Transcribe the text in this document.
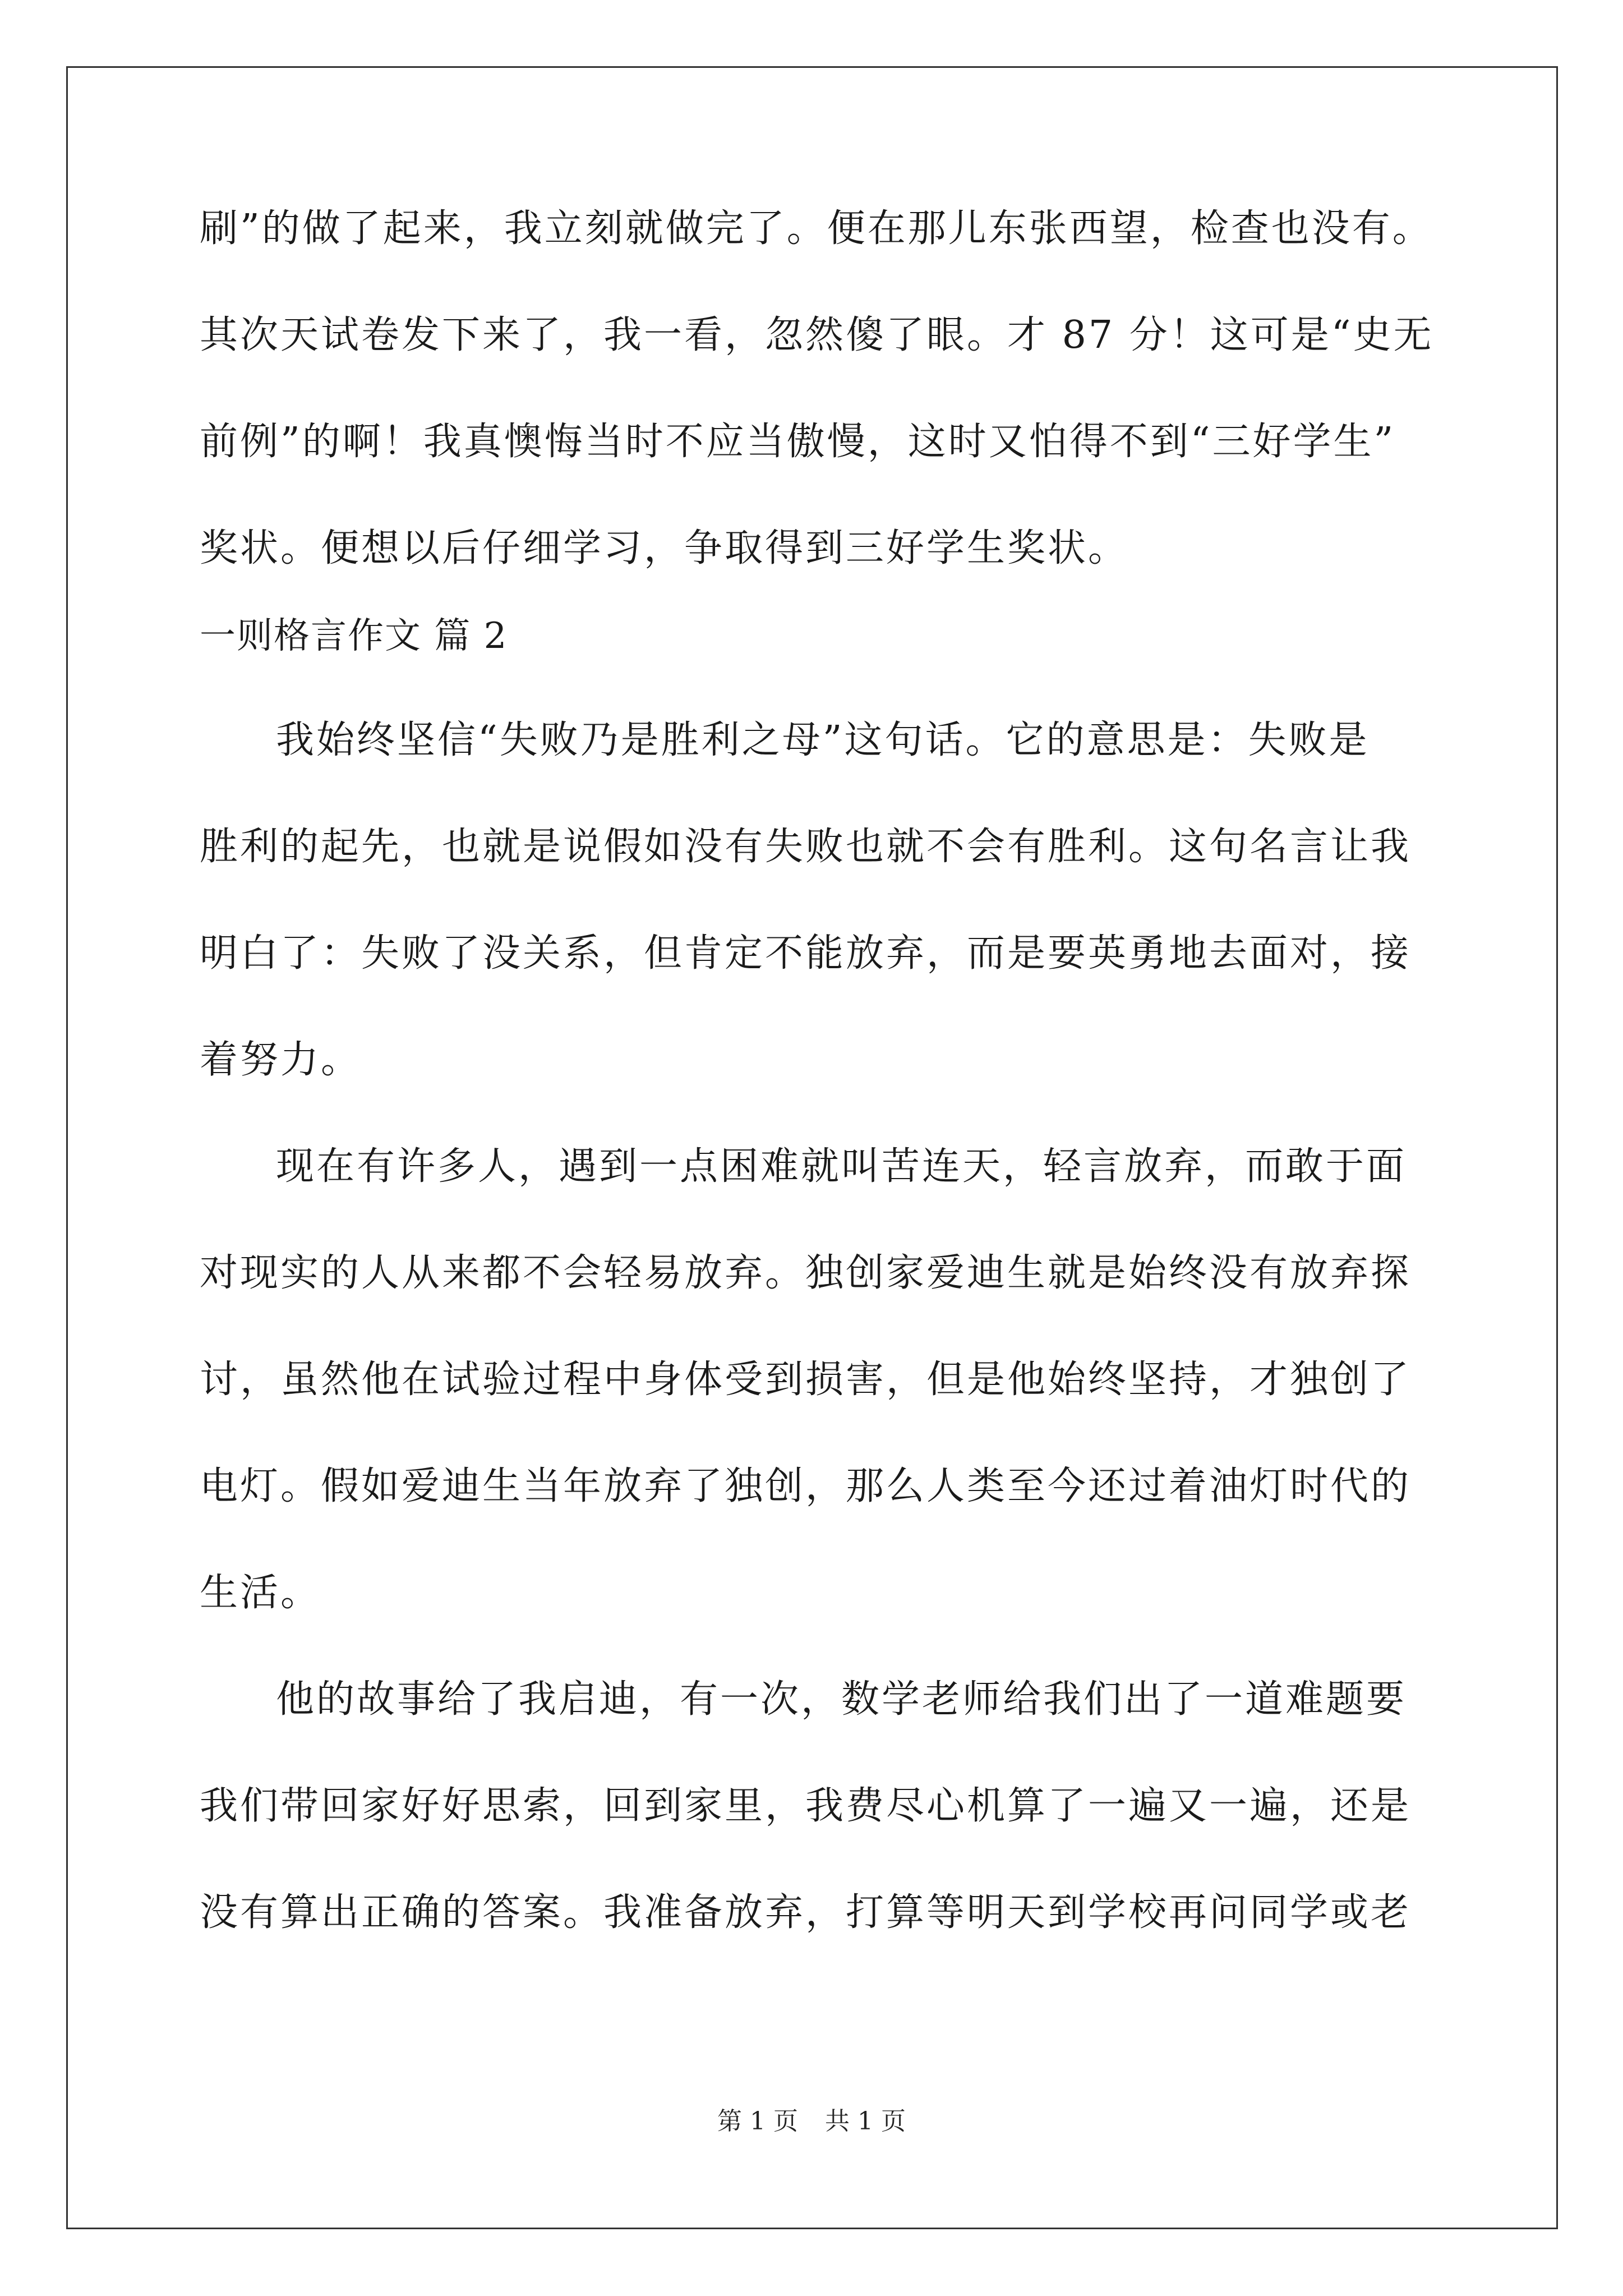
刷”的做了起来，我立刻就做完了。便在那儿东张西望，检查也没有。
其次天试卷发下来了，我一看，忽然傻了眼。才 87 分！这可是“史无
前例”的啊！我真懊悔当时不应当傲慢，这时又怕得不到“三好学生”
奖状。便想以后仔细学习，争取得到三好学生奖状。
一则格言作文 篇 2
我始终坚信“失败乃是胜利之母”这句话。它的意思是：失败是
胜利的起先，也就是说假如没有失败也就不会有胜利。这句名言让我
明白了：失败了没关系，但肯定不能放弃，而是要英勇地去面对，接
着努力。
现在有许多人，遇到一点困难就叫苦连天，轻言放弃，而敢于面
对现实的人从来都不会轻易放弃。独创家爱迪生就是始终没有放弃探
讨，虽然他在试验过程中身体受到损害，但是他始终坚持，才独创了
电灯。假如爱迪生当年放弃了独创，那么人类至今还过着油灯时代的
生活。
他的故事给了我启迪，有一次，数学老师给我们出了一道难题要
我们带回家好好思索，回到家里，我费尽心机算了一遍又一遍，还是
没有算出正确的答案。我准备放弃，打算等明天到学校再问同学或老
第 1 页 共 1 页
